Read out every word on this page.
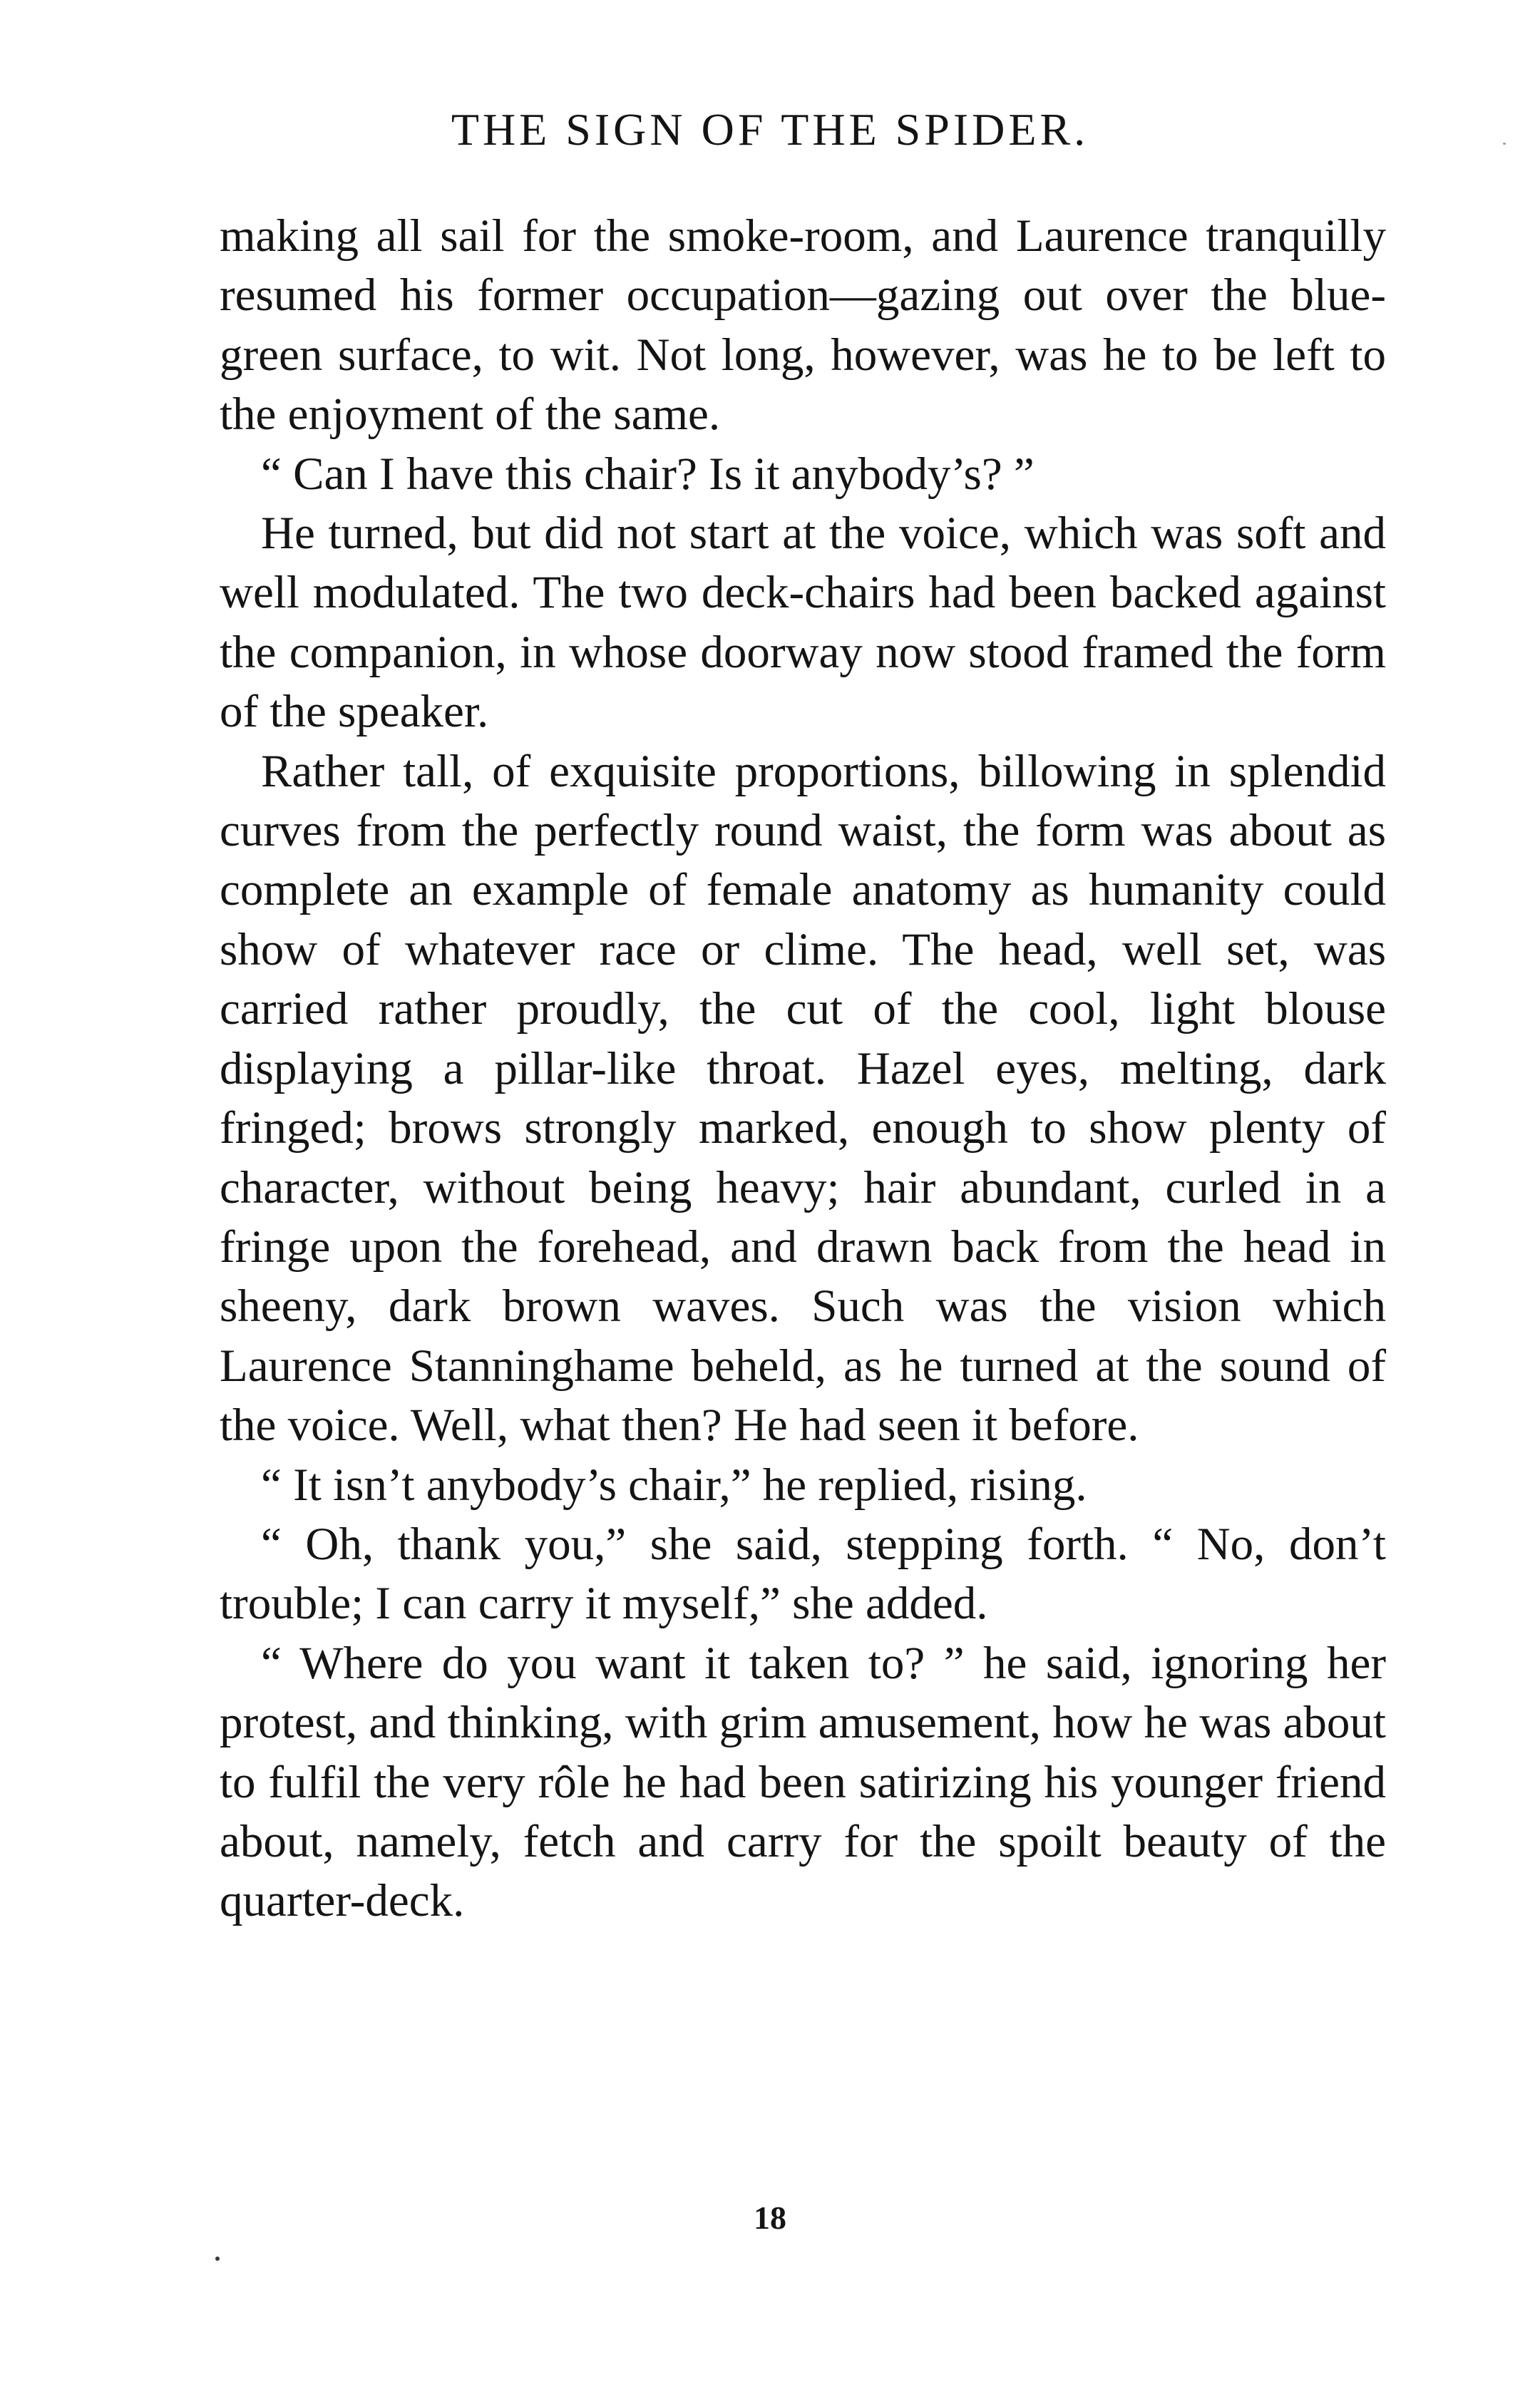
THE SIGN OF THE SPIDER.

making all sail for the smoke-room, and Laurence tranquilly resumed his former occupation—gazing out over the blue-green surface, to wit. Not long, however, was he to be left to the enjoyment of the same.

“ Can I have this chair? Is it anybody’s? ”

He turned, but did not start at the voice, which was soft and well modulated. The two deck-chairs had been backed against the companion, in whose doorway now stood framed the form of the speaker.

Rather tall, of exquisite proportions, billowing in splendid curves from the perfectly round waist, the form was about as complete an example of female anatomy as humanity could show of whatever race or clime. The head, well set, was carried rather proudly, the cut of the cool, light blouse displaying a pillar-like throat. Hazel eyes, melting, dark fringed; brows strongly marked, enough to show plenty of character, without being heavy; hair abundant, curled in a fringe upon the forehead, and drawn back from the head in sheeny, dark brown waves. Such was the vision which Laurence Stanninghame beheld, as he turned at the sound of the voice. Well, what then? He had seen it before.

“ It isn’t anybody’s chair,” he replied, rising.

“ Oh, thank you,” she said, stepping forth. “ No, don’t trouble; I can carry it myself,” she added.

“ Where do you want it taken to? ” he said, ignoring her protest, and thinking, with grim amusement, how he was about to fulfil the very rôle he had been satirizing his younger friend about, namely, fetch and carry for the spoilt beauty of the quarter-deck.

18
